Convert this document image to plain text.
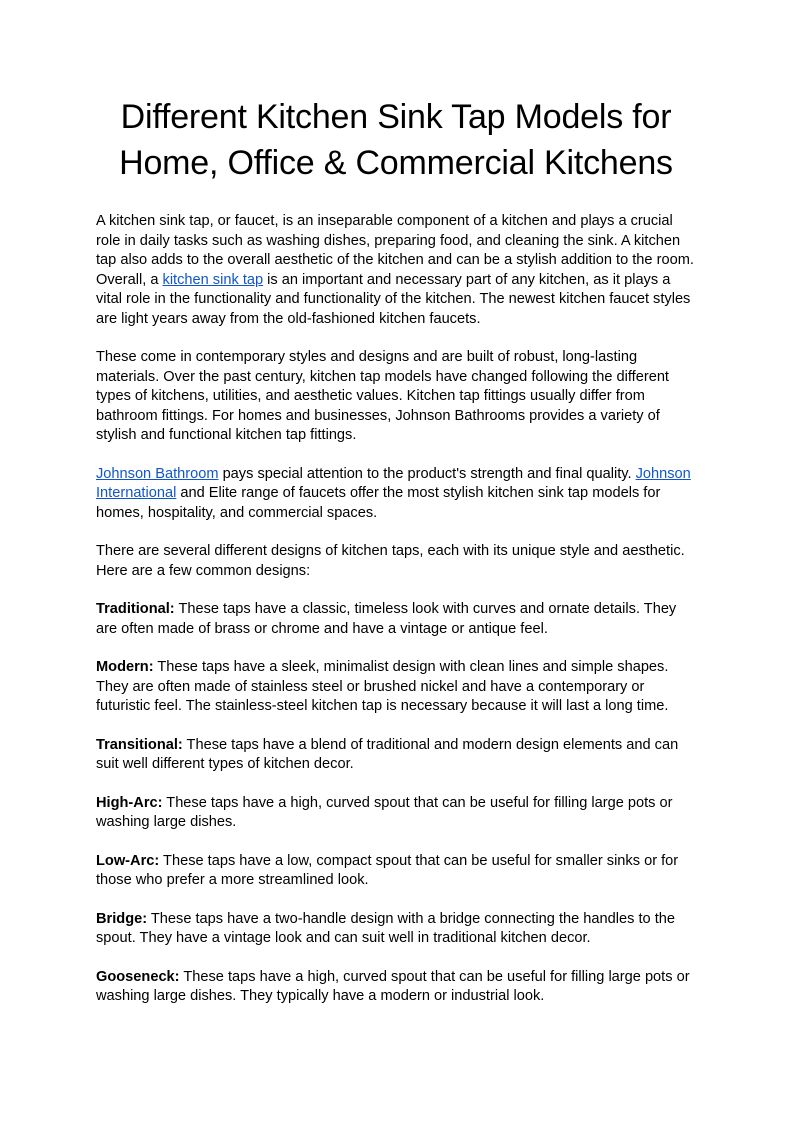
Different Kitchen Sink Tap Models for
Home, Office & Commercial Kitchens

A kitchen sink tap, or faucet, is an inseparable component of a kitchen and plays a crucial role in daily tasks such as washing dishes, preparing food, and cleaning the sink. A kitchen tap also adds to the overall aesthetic of the kitchen and can be a stylish addition to the room. Overall, a kitchen sink tap is an important and necessary part of any kitchen, as it plays a vital role in the functionality and functionality of the kitchen. The newest kitchen faucet styles are light years away from the old-fashioned kitchen faucets.

These come in contemporary styles and designs and are built of robust, long-lasting materials. Over the past century, kitchen tap models have changed following the different types of kitchens, utilities, and aesthetic values. Kitchen tap fittings usually differ from bathroom fittings. For homes and businesses, Johnson Bathrooms provides a variety of stylish and functional kitchen tap fittings.

Johnson Bathroom pays special attention to the product's strength and final quality. Johnson International and Elite range of faucets offer the most stylish kitchen sink tap models for homes, hospitality, and commercial spaces.

There are several different designs of kitchen taps, each with its unique style and aesthetic. Here are a few common designs:

Traditional: These taps have a classic, timeless look with curves and ornate details. They are often made of brass or chrome and have a vintage or antique feel.

Modern: These taps have a sleek, minimalist design with clean lines and simple shapes. They are often made of stainless steel or brushed nickel and have a contemporary or futuristic feel. The stainless-steel kitchen tap is necessary because it will last a long time.

Transitional: These taps have a blend of traditional and modern design elements and can suit well different types of kitchen decor.

High-Arc: These taps have a high, curved spout that can be useful for filling large pots or washing large dishes.

Low-Arc: These taps have a low, compact spout that can be useful for smaller sinks or for those who prefer a more streamlined look.

Bridge: These taps have a two-handle design with a bridge connecting the handles to the spout. They have a vintage look and can suit well in traditional kitchen decor.

Gooseneck: These taps have a high, curved spout that can be useful for filling large pots or washing large dishes. They typically have a modern or industrial look.
